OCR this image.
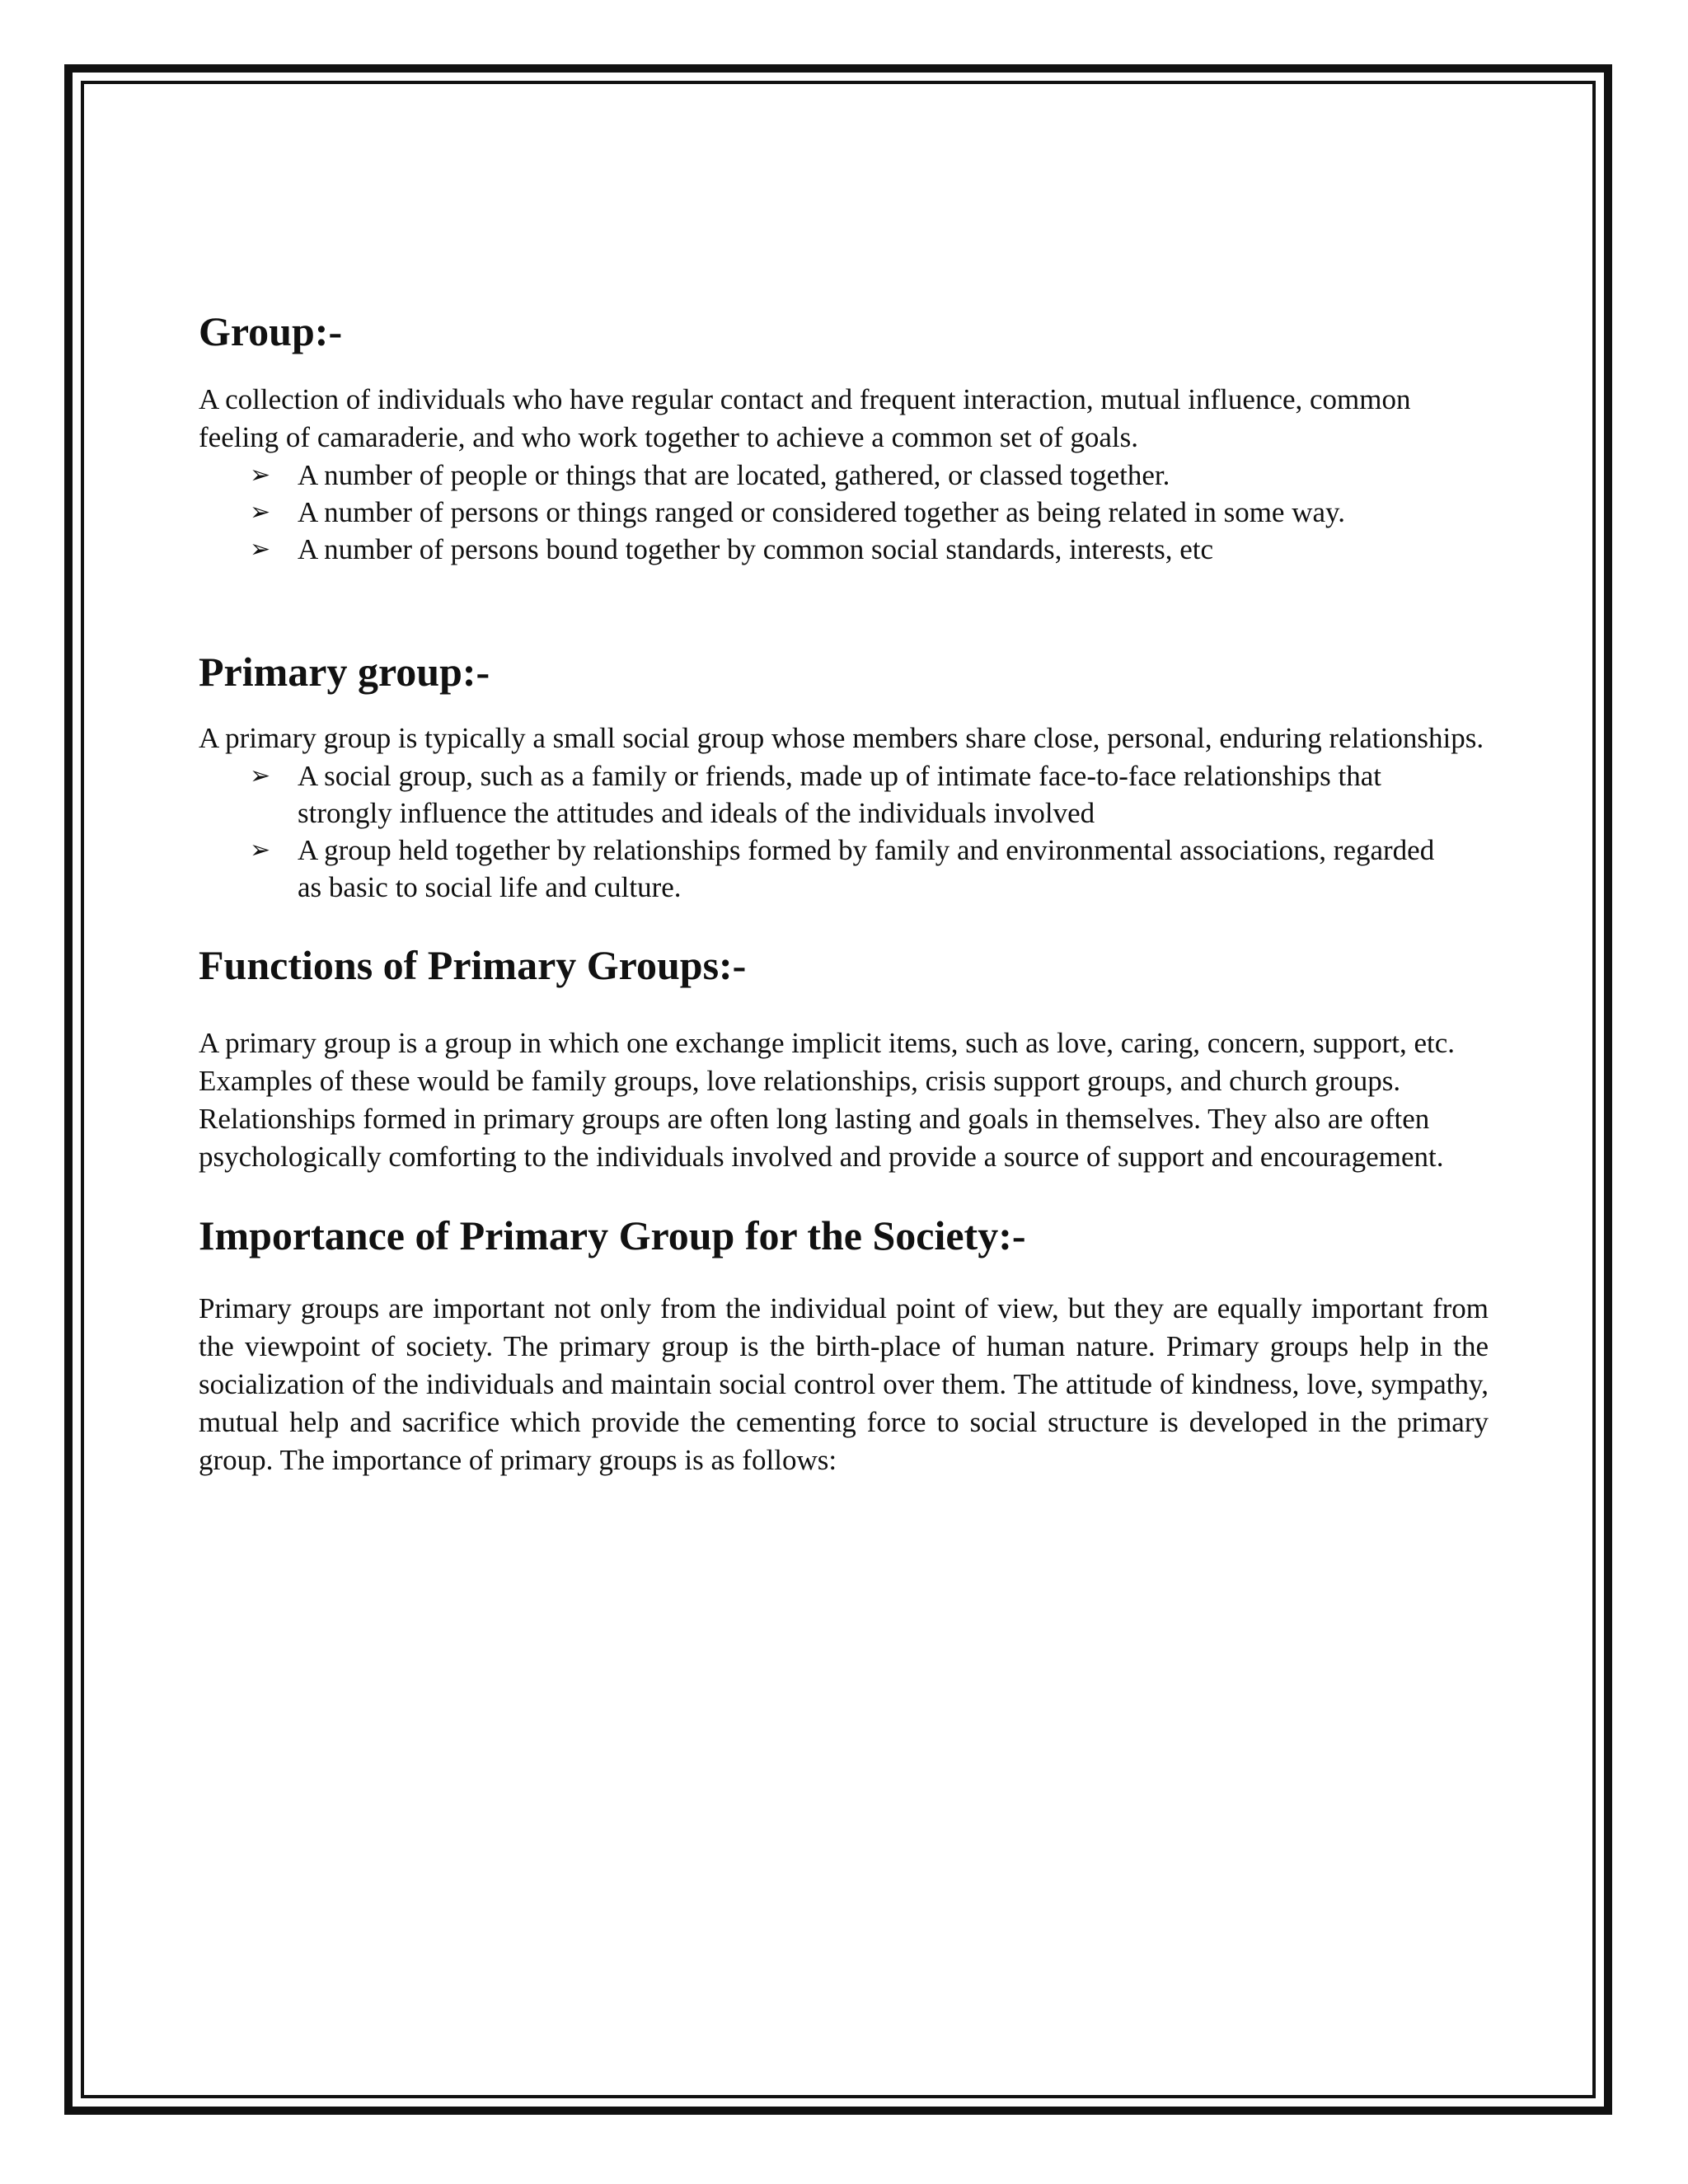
Group:-

A collection of individuals who have regular contact and frequent interaction, mutual influence, common feeling of camaraderie, and who work together to achieve a common set of goals.

➢ A number of people or things that are located, gathered, or classed together.
➢ A number of persons or things ranged or considered together as being related in some way.
➢ A number of persons bound together by common social standards, interests, etc
Primary group:-

A primary group is typically a small social group whose members share close, personal, enduring relationships.

➢ A social group, such as a family or friends, made up of intimate face-to-face relationships that strongly influence the attitudes and ideals of the individuals involved
➢ A group held together by relationships formed by family and environmental associations, regarded as basic to social life and culture.
Functions of Primary Groups:-

A primary group is a group in which one exchange implicit items, such as love, caring, concern, support, etc. Examples of these would be family groups, love relationships, crisis support groups, and church groups. Relationships formed in primary groups are often long lasting and goals in themselves. They also are often psychologically comforting to the individuals involved and provide a source of support and encouragement.

Importance of Primary Group for the Society:-

Primary groups are important not only from the individual point of view, but they are equally important from the viewpoint of society. The primary group is the birth-place of human nature. Primary groups help in the socialization of the individuals and maintain social control over them. The attitude of kindness, love, sympathy, mutual help and sacrifice which provide the cementing force to social structure is developed in the primary group. The importance of primary groups is as follows:
